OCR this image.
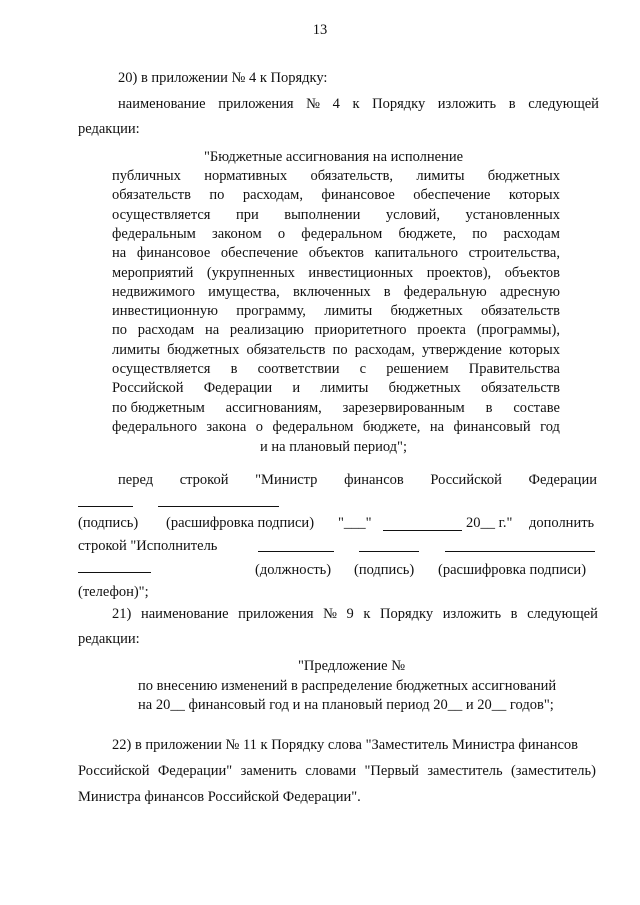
13
20) в приложении № 4 к Порядку:
наименование приложения № 4 к Порядку изложить в следующей
редакции:
"Бюджетные ассигнования на исполнение
публичных нормативных обязательств, лимиты бюджетных
обязательств по расходам, финансовое обеспечение которых
осуществляется при выполнении условий, установленных
федеральным законом о федеральном бюджете, по расходам
на финансовое обеспечение объектов капитального строительства,
мероприятий (укрупненных инвестиционных проектов), объектов
недвижимого имущества, включенных в федеральную адресную
инвестиционную программу, лимиты бюджетных обязательств
по расходам на реализацию приоритетного проекта (программы),
лимиты бюджетных обязательств по расходам, утверждение которых
осуществляется в соответствии с решением Правительства
Российской Федерации и лимиты бюджетных обязательств
по бюджетным ассигнованиям, зарезервированным в составе
федерального закона о федеральном бюджете, на финансовый год
и на плановый период";
перед строкой "Министр финансов Российской Федерации
(подпись) (расшифровка подписи) "___"	20__ г." дополнить
строкой "Исполнитель
(должность) (подпись) (расшифровка подписи)
(телефон)";
21) наименование приложения № 9 к Порядку изложить в следующей
редакции:
"Предложение №
по внесению изменений в распределение бюджетных ассигнований
на 20__ финансовый год и на плановый период 20__ и 20__ годов";
22) в приложении № 11 к Порядку слова "Заместитель Министра финансов
Российской Федерации" заменить словами "Первый заместитель (заместитель)
Министра финансов Российской Федерации".
